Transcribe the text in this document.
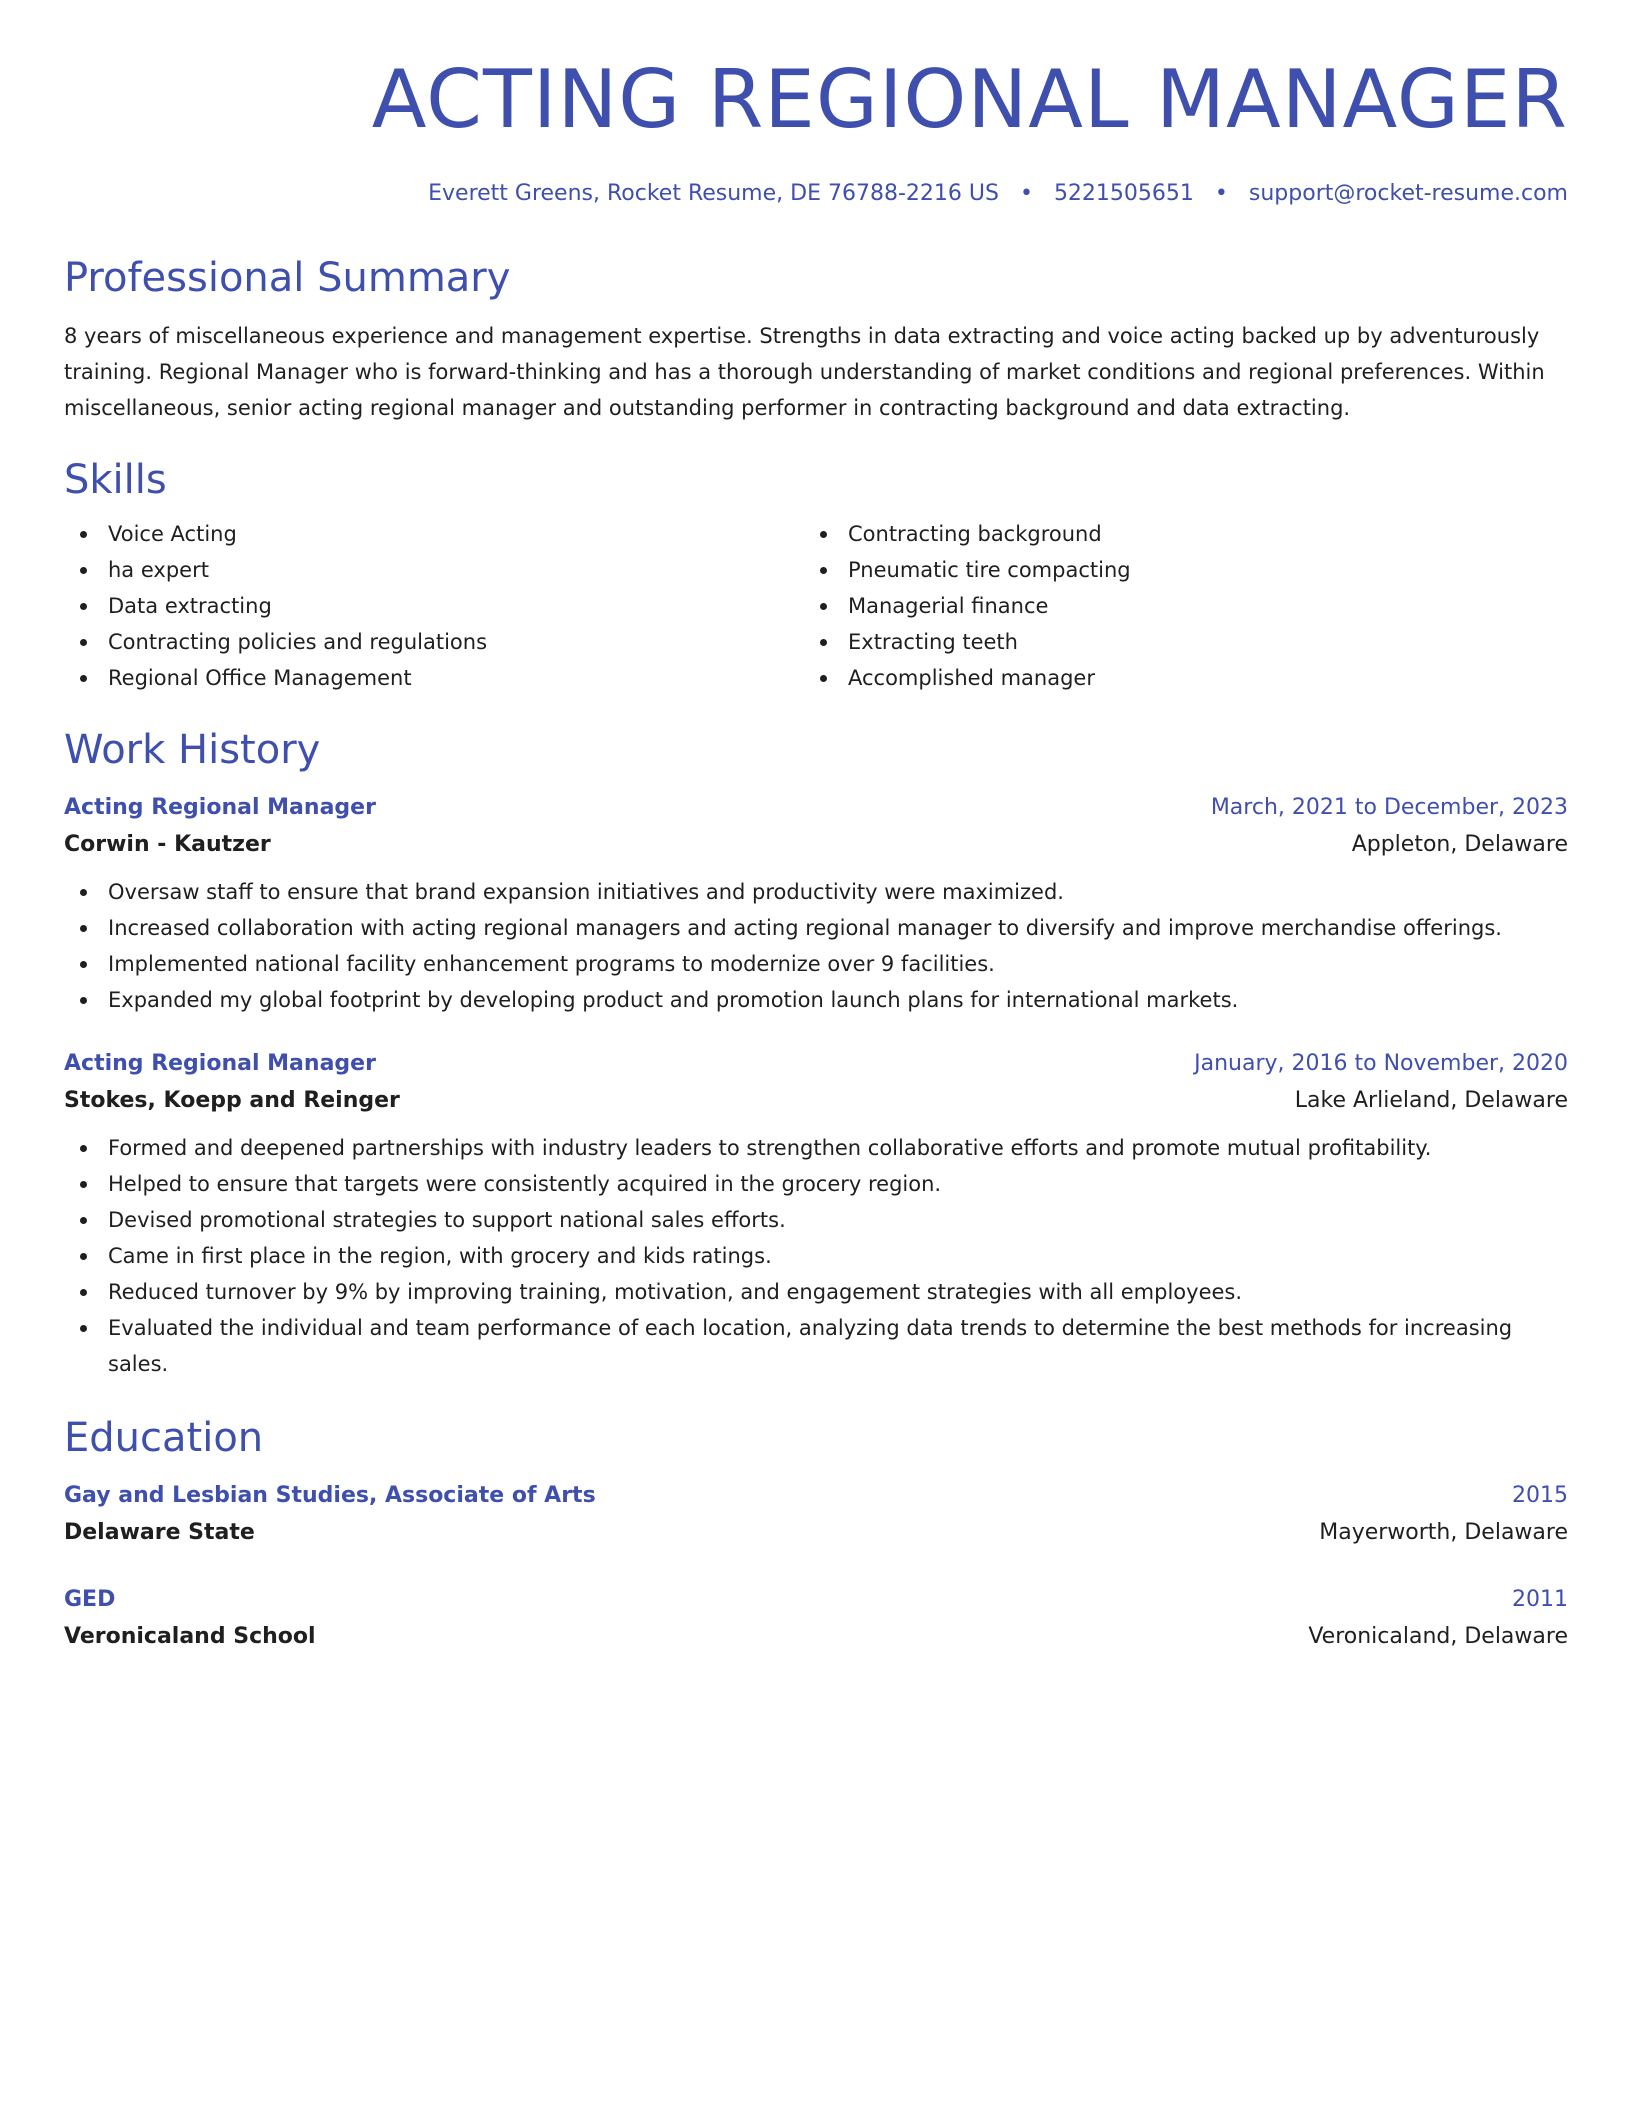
ACTING REGIONAL MANAGER
Everett Greens, Rocket Resume, DE 76788-2216 US • 5221505651 • support@rocket-resume.com
Professional Summary

8 years of miscellaneous experience and management expertise. Strengths in data extracting and voice acting backed up by adventurously training. Regional Manager who is forward-thinking and has a thorough understanding of market conditions and regional preferences. Within miscellaneous, senior acting regional manager and outstanding performer in contracting background and data extracting.

Skills
Voice Acting
ha expert
Data extracting
Contracting policies and regulations
Regional Office Management
Contracting background
Pneumatic tire compacting
Managerial finance
Extracting teeth
Accomplished manager
Work History
Acting Regional Manager	March, 2021 to December, 2023
Corwin - Kautzer	Appleton, Delaware
Oversaw staff to ensure that brand expansion initiatives and productivity were maximized.
Increased collaboration with acting regional managers and acting regional manager to diversify and improve merchandise offerings.
Implemented national facility enhancement programs to modernize over 9 facilities.
Expanded my global footprint by developing product and promotion launch plans for international markets.
Acting Regional Manager	January, 2016 to November, 2020
Stokes, Koepp and Reinger	Lake Arlieland, Delaware
Formed and deepened partnerships with industry leaders to strengthen collaborative efforts and promote mutual profitability.
Helped to ensure that targets were consistently acquired in the grocery region.
Devised promotional strategies to support national sales efforts.
Came in first place in the region, with grocery and kids ratings.
Reduced turnover by 9% by improving training, motivation, and engagement strategies with all employees.
Evaluated the individual and team performance of each location, analyzing data trends to determine the best methods for increasing sales.
Education
Gay and Lesbian Studies, Associate of Arts	2015
Delaware State	Mayerworth, Delaware
GED	2011
Veronicaland School	Veronicaland, Delaware
